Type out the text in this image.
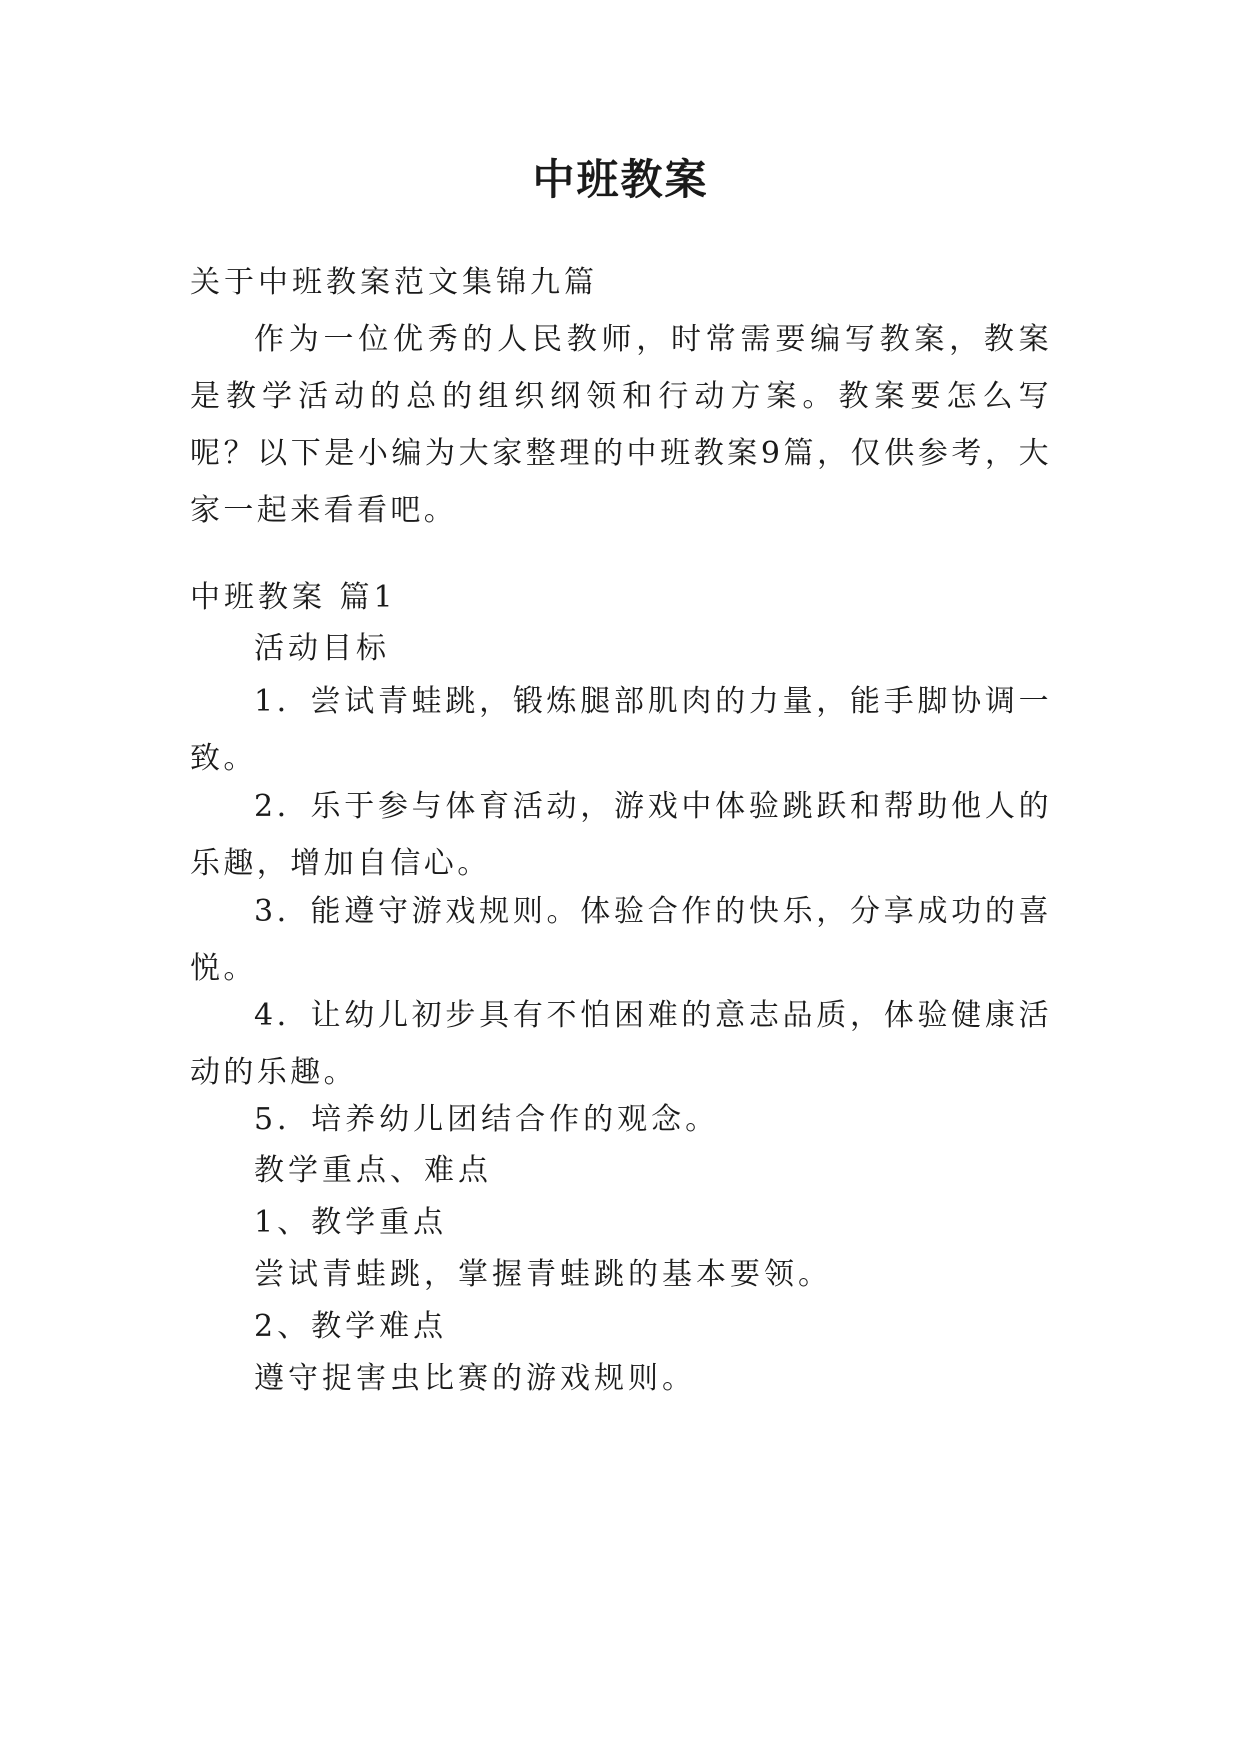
中班教案

关于中班教案范文集锦九篇

作为一位优秀的人民教师，时常需要编写教案，教案是教学活动的总的组织纲领和行动方案。教案要怎么写呢？以下是小编为大家整理的中班教案9篇，仅供参考，大家一起来看看吧。

中班教案 篇1

活动目标

1．尝试青蛙跳，锻炼腿部肌肉的力量，能手脚协调一致。

2．乐于参与体育活动，游戏中体验跳跃和帮助他人的乐趣，增加自信心。

3．能遵守游戏规则。体验合作的快乐，分享成功的喜悦。

4．让幼儿初步具有不怕困难的意志品质，体验健康活动的乐趣。

5．培养幼儿团结合作的观念。

教学重点、难点

1、教学重点

尝试青蛙跳，掌握青蛙跳的基本要领。

2、教学难点

遵守捉害虫比赛的游戏规则。
